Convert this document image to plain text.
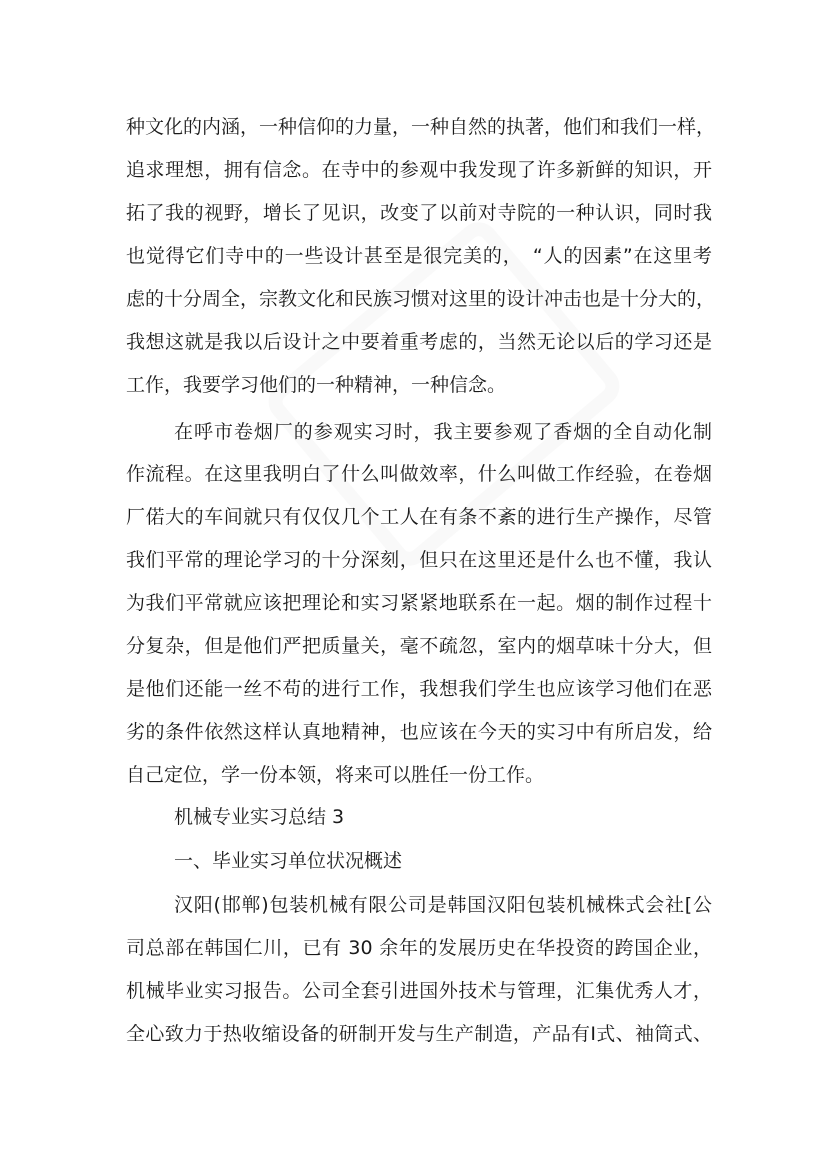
种文化的内涵，一种信仰的力量，一种自然的执著，他们和我们一样，
追求理想，拥有信念。在寺中的参观中我发现了许多新鲜的知识，开
拓了我的视野，增长了见识，改变了以前对寺院的一种认识，同时我
也觉得它们寺中的一些设计甚至是很完美的，　“人的因素”在这里考
虑的十分周全，宗教文化和民族习惯对这里的设计冲击也是十分大的，
我想这就是我以后设计之中要着重考虑的，当然无论以后的学习还是
工作，我要学习他们的一种精神，一种信念。
在呼市卷烟厂的参观实习时，我主要参观了香烟的全自动化制
作流程。在这里我明白了什么叫做效率，什么叫做工作经验，在卷烟
厂偌大的车间就只有仅仅几个工人在有条不紊的进行生产操作，尽管
我们平常的理论学习的十分深刻，但只在这里还是什么也不懂，我认
为我们平常就应该把理论和实习紧紧地联系在一起。烟的制作过程十
分复杂，但是他们严把质量关，毫不疏忽，室内的烟草味十分大，但
是他们还能一丝不苟的进行工作，我想我们学生也应该学习他们在恶
劣的条件依然这样认真地精神，也应该在今天的实习中有所启发，给
自己定位，学一份本领，将来可以胜任一份工作。
机械专业实习总结 3
一、毕业实习单位状况概述
汉阳(邯郸)包装机械有限公司是韩国汉阳包装机械株式会社[公
司总部在韩国仁川，已有 30 余年的发展历史在华投资的跨国企业，
机械毕业实习报告。公司全套引进国外技术与管理，汇集优秀人才，
全心致力于热收缩设备的研制开发与生产制造，产品有Ⅰ式、袖筒式、
